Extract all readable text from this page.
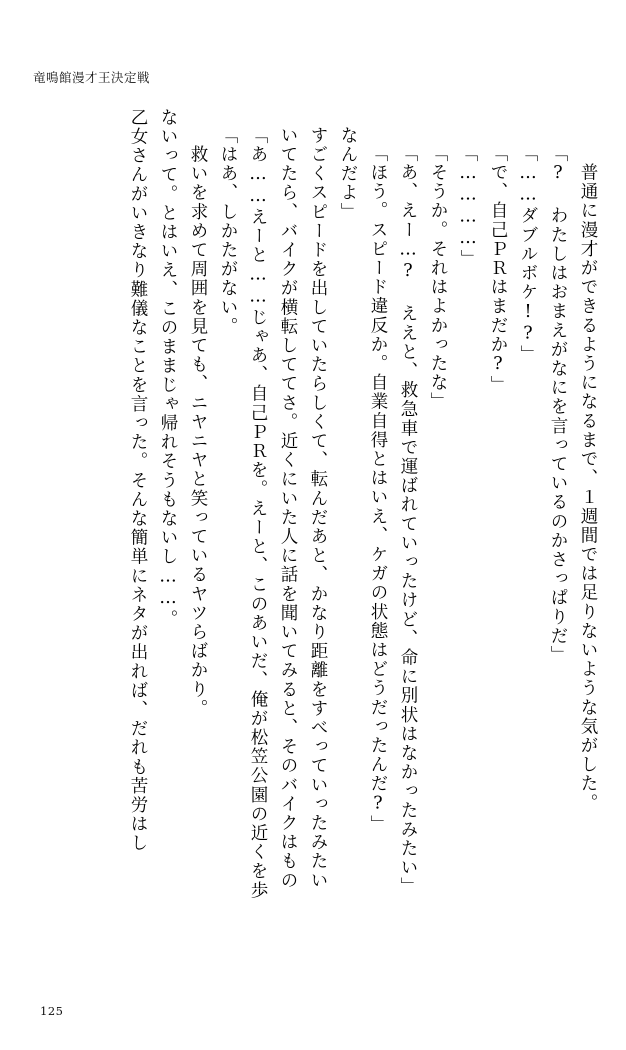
竜鳴館漫才王決定戦
乙女さんがいきなり難儀なことを言った。そんな簡単にネタが出れば、だれも苦労はし ないって。とはいえ、このままじゃ帰れそうもないし……。 　救いを求めて周囲を見ても、ニヤニヤと笑っているヤツらばかり。 「はあ、しかたがない。 「あ……えーと……じゃあ、自己ＰＲを。えーと、このあいだ、俺が松笠公園の近くを歩 いてたら、バイクが横転しててさ。近くにいた人に話を聞いてみると、そのバイクはもの すごくスピードを出していたらしくて、転んだあと、かなり距離をすべっていったみたい なんだよ」 「ほう。スピード違反か。自業自得とはいえ、ケガの状態はどうだったんだ?」 「あ、えー…? ええと、救急車で運ばれていったけど、命に別状はなかったみたい」 「そうか。それはよかったな」 「…………」 「で、自己ＰＲはまだか?」 「……ダブルボケ!?」 「? わたしはおまえがなにを言っているのかさっぱりだ」 　普通に漫才ができるようになるまで、１週間では足りないような気がした。
125
